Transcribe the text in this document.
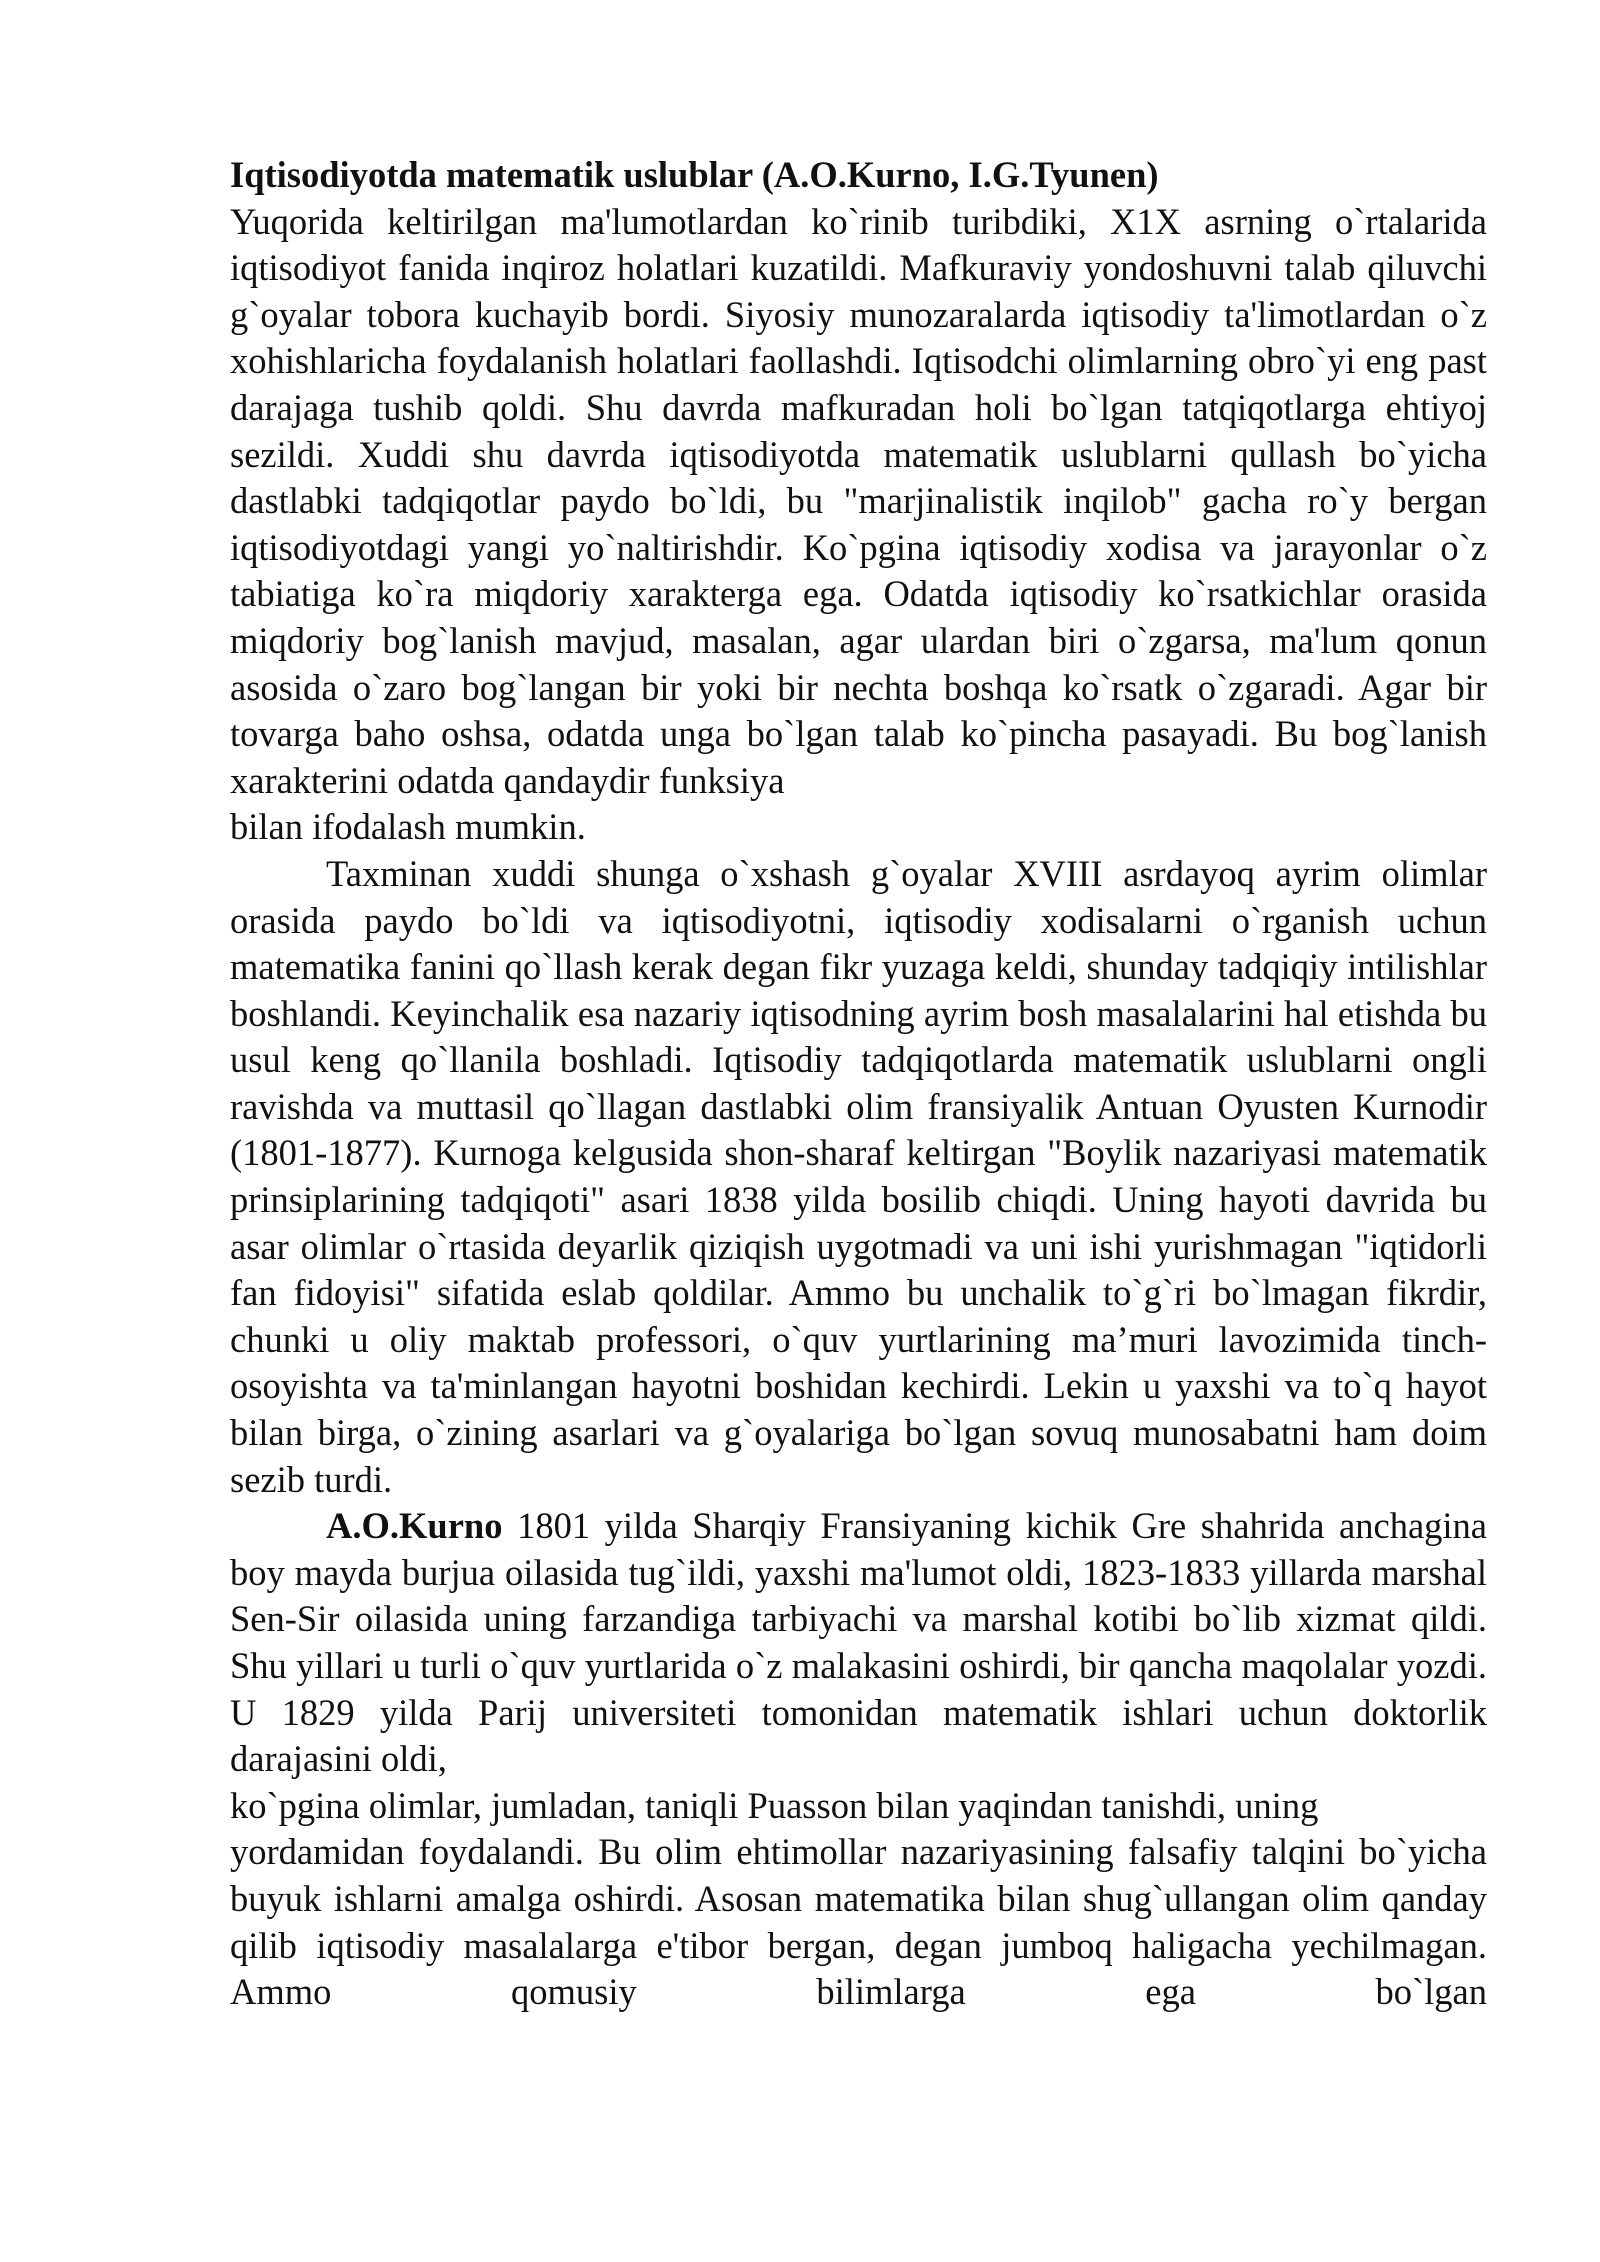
Iqtisodiyotda matematik uslublar (A.O.Kurno, I.G.Tyunen)

Yuqorida keltirilgan ma'lumotlardan ko`rinib turibdiki, X1X asrning o`rtalarida iqtisodiyot fanida inqiroz holatlari kuzatildi. Mafkuraviy yondoshuvni talab qiluvchi g`oyalar tobora kuchayib bordi. Siyosiy munozaralarda iqtisodiy ta'limotlardan o`z xohishlaricha foydalanish holatlari faollashdi. Iqtisodchi olimlarning obro`yi eng past darajaga tushib qoldi. Shu davrda mafkuradan holi bo`lgan tatqiqotlarga ehtiyoj sezildi. Xuddi shu davrda iqtisodiyotda matematik uslublarni qullash bo`yicha dastlabki tadqiqotlar paydo bo`ldi, bu "marjinalistik inqilob" gacha ro`y bergan iqtisodiyotdagi yangi yo`naltirishdir. Ko`pgina iqtisodiy xodisa va jarayonlar o`z tabiatiga ko`ra miqdoriy xarakterga ega. Odatda iqtisodiy ko`rsatkichlar orasida miqdoriy bog`lanish mavjud, masalan, agar ulardan biri o`zgarsa, ma'lum qonun asosida o`zaro bog`langan bir yoki bir nechta boshqa ko`rsatk o`zgaradi. Agar bir tovarga baho oshsa, odatda unga bo`lgan talab ko`pincha pasayadi. Bu bog`lanish xarakterini odatda qandaydir funksiya

bilan ifodalash mumkin.

Taxminan xuddi shunga o`xshash g`oyalar XVIII asrdayoq ayrim olimlar orasida paydo bo`ldi va iqtisodiyotni, iqtisodiy xodisalarni o`rganish uchun matematika fanini qo`llash kerak degan fikr yuzaga keldi, shunday tadqiqiy intilishlar boshlandi. Keyinchalik esa nazariy iqtisodning ayrim bosh masalalarini hal etishda bu usul keng qo`llanila boshladi. Iqtisodiy tadqiqotlarda matematik uslublarni ongli ravishda va muttasil qo`llagan dastlabki olim fransiyalik Antuan Oyusten Kurnodir (1801-1877). Kurnoga kelgusida shon-sharaf keltirgan "Boylik nazariyasi matematik prinsiplarining tadqiqoti" asari 1838 yilda bosilib chiqdi. Uning hayoti davrida bu asar olimlar o`rtasida deyarlik qiziqish uygotmadi va uni ishi yurishmagan "iqtidorli fan fidoyisi" sifatida eslab qoldilar. Ammo bu unchalik to`g`ri bo`lmagan fikrdir, chunki u oliy maktab professori, o`quv yurtlarining ma’muri lavozimida tinch-osoyishta va ta'minlangan hayotni boshidan kechirdi. Lekin u yaxshi va to`q hayot bilan birga, o`zining asarlari va g`oyalariga bo`lgan sovuq munosabatni ham doim sezib turdi.

A.O.Kurno 1801 yilda Sharqiy Fransiyaning kichik Gre shahrida anchagina boy mayda burjua oilasida tug`ildi, yaxshi ma'lumot oldi, 1823-1833 yillarda marshal Sen-Sir oilasida uning farzandiga tarbiyachi va marshal kotibi bo`lib xizmat qildi. Shu yillari u turli o`quv yurtlarida o`z malakasini oshirdi, bir qancha maqolalar yozdi. U 1829 yilda Parij universiteti tomonidan matematik ishlari uchun doktorlik darajasini oldi,

ko`pgina olimlar, jumladan, taniqli Puasson bilan yaqindan tanishdi, uning

yordamidan foydalandi. Bu olim ehtimollar nazariyasining falsafiy talqini bo`yicha buyuk ishlarni amalga oshirdi. Asosan matematika bilan shug`ullangan olim qanday qilib iqtisodiy masalalarga e'tibor bergan, degan jumboq haligacha yechilmagan. Ammo qomusiy bilimlarga ega bo`lgan
